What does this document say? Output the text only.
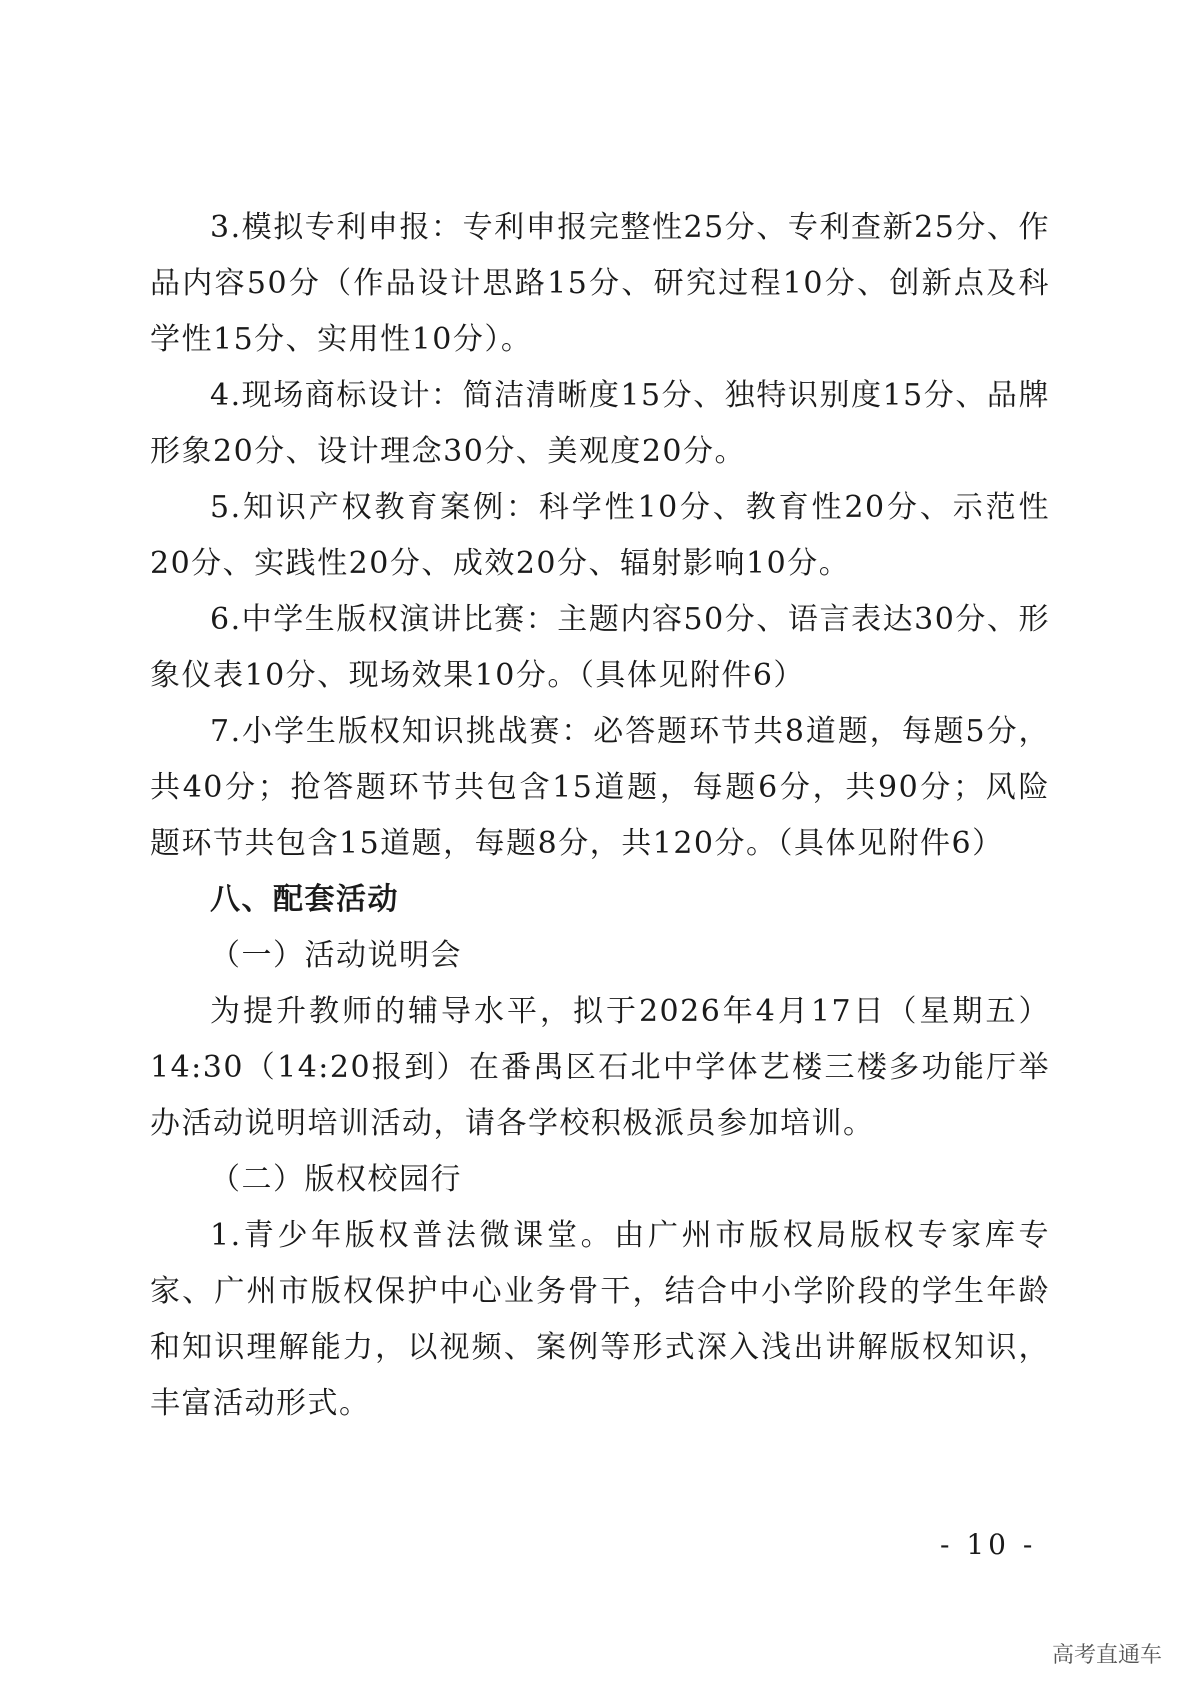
3.模拟专利申报：专利申报完整性25分、专利查新25分、作品内容50分（作品设计思路15分、研究过程10分、创新点及科学性15分、实用性10分）。

4.现场商标设计：简洁清晰度15分、独特识别度15分、品牌形象20分、设计理念30分、美观度20分。

5.知识产权教育案例：科学性10分、教育性20分、示范性20分、实践性20分、成效20分、辐射影响10分。

6.中学生版权演讲比赛：主题内容50分、语言表达30分、形象仪表10分、现场效果10分。（具体见附件6）

7.小学生版权知识挑战赛：必答题环节共8道题，每题5分，共40分；抢答题环节共包含15道题，每题6分，共90分；风险题环节共包含15道题，每题8分，共120分。（具体见附件6）

八、配套活动

（一）活动说明会

为提升教师的辅导水平，拟于2026年4月17日（星期五）14:30（14:20报到）在番禺区石北中学体艺楼三楼多功能厅举办活动说明培训活动，请各学校积极派员参加培训。

（二）版权校园行

1.青少年版权普法微课堂。由广州市版权局版权专家库专家、广州市版权保护中心业务骨干，结合中小学阶段的学生年龄和知识理解能力，以视频、案例等形式深入浅出讲解版权知识，丰富活动形式。

- 10 -
高考直通车
